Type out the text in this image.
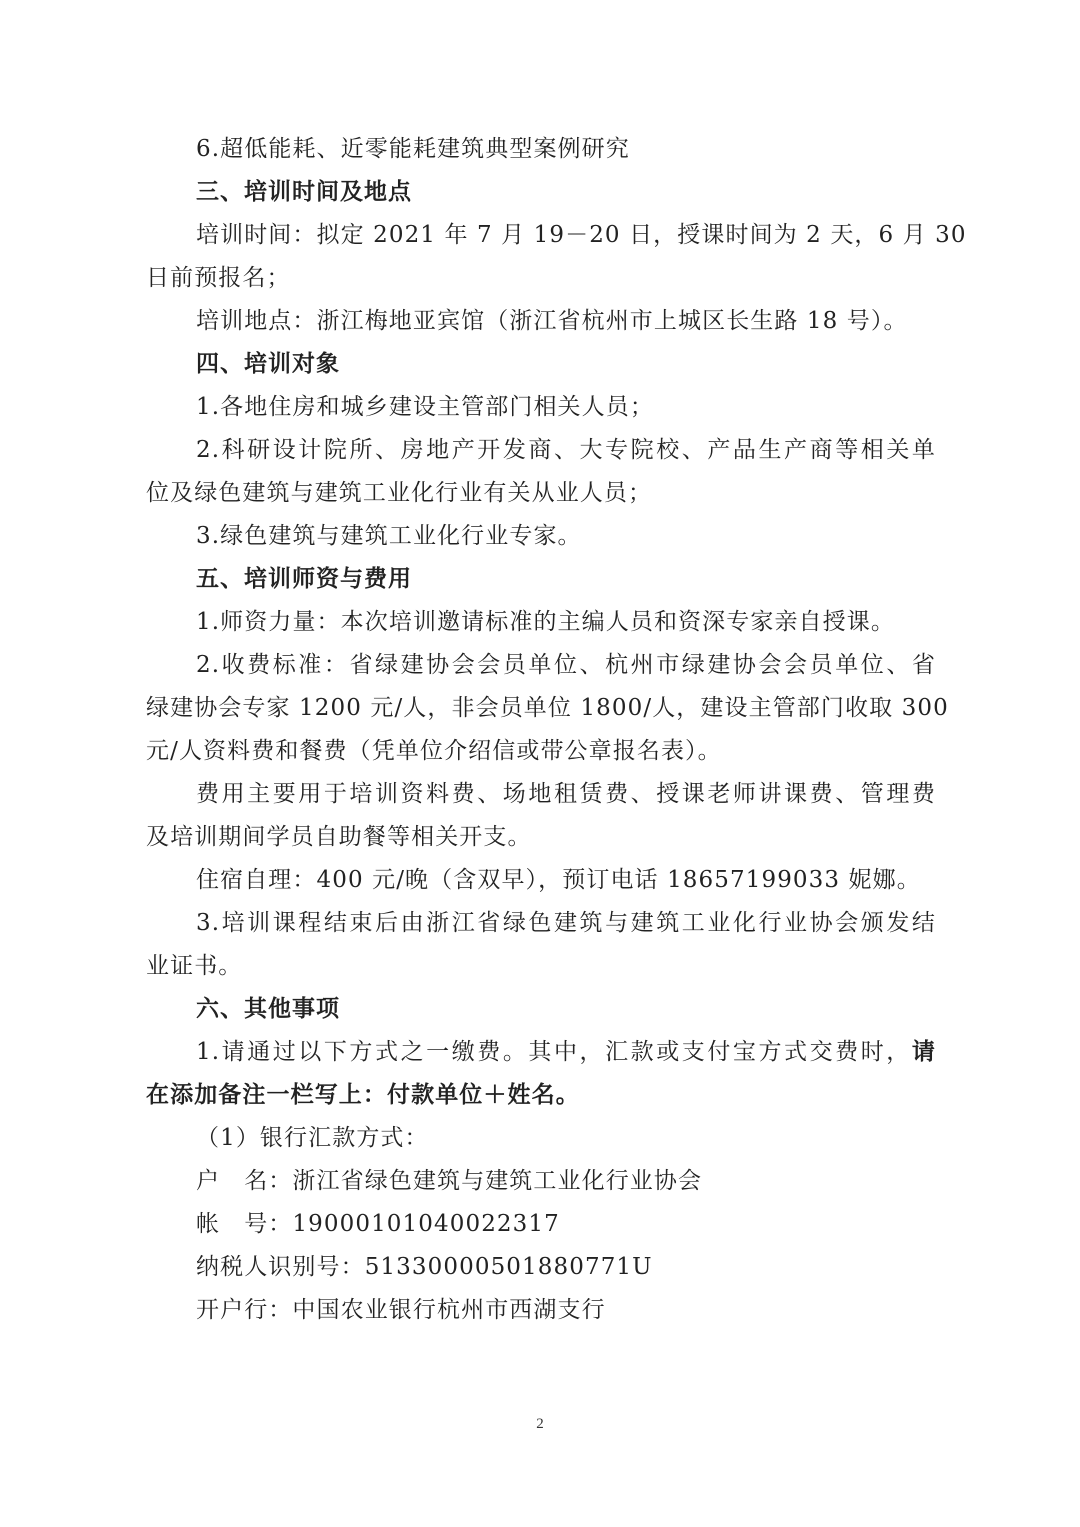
6.超低能耗、近零能耗建筑典型案例研究
三、培训时间及地点
培训时间：拟定 2021 年 7 月 19－20 日，授课时间为 2 天，6 月 30
日前预报名；
培训地点：浙江梅地亚宾馆（浙江省杭州市上城区长生路 18 号）。
四、培训对象
1.各地住房和城乡建设主管部门相关人员；
2.科研设计院所、房地产开发商、大专院校、产品生产商等相关单
位及绿色建筑与建筑工业化行业有关从业人员；
3.绿色建筑与建筑工业化行业专家。
五、培训师资与费用
1.师资力量：本次培训邀请标准的主编人员和资深专家亲自授课。
2.收费标准：省绿建协会会员单位、杭州市绿建协会会员单位、省
绿建协会专家 1200 元/人，非会员单位 1800/人，建设主管部门收取 300
元/人资料费和餐费（凭单位介绍信或带公章报名表）。
费用主要用于培训资料费、场地租赁费、授课老师讲课费、管理费
及培训期间学员自助餐等相关开支。
住宿自理：400 元/晚（含双早），预订电话 18657199033 妮娜。
3.培训课程结束后由浙江省绿色建筑与建筑工业化行业协会颁发结
业证书。
六、其他事项
1.请通过以下方式之一缴费。其中，汇款或支付宝方式交费时，请
在添加备注一栏写上：付款单位＋姓名。
（1）银行汇款方式：
户　名：浙江省绿色建筑与建筑工业化行业协会
帐　号：19000101040022317
纳税人识别号：51330000501880771U
开户行：中国农业银行杭州市西湖支行
2
